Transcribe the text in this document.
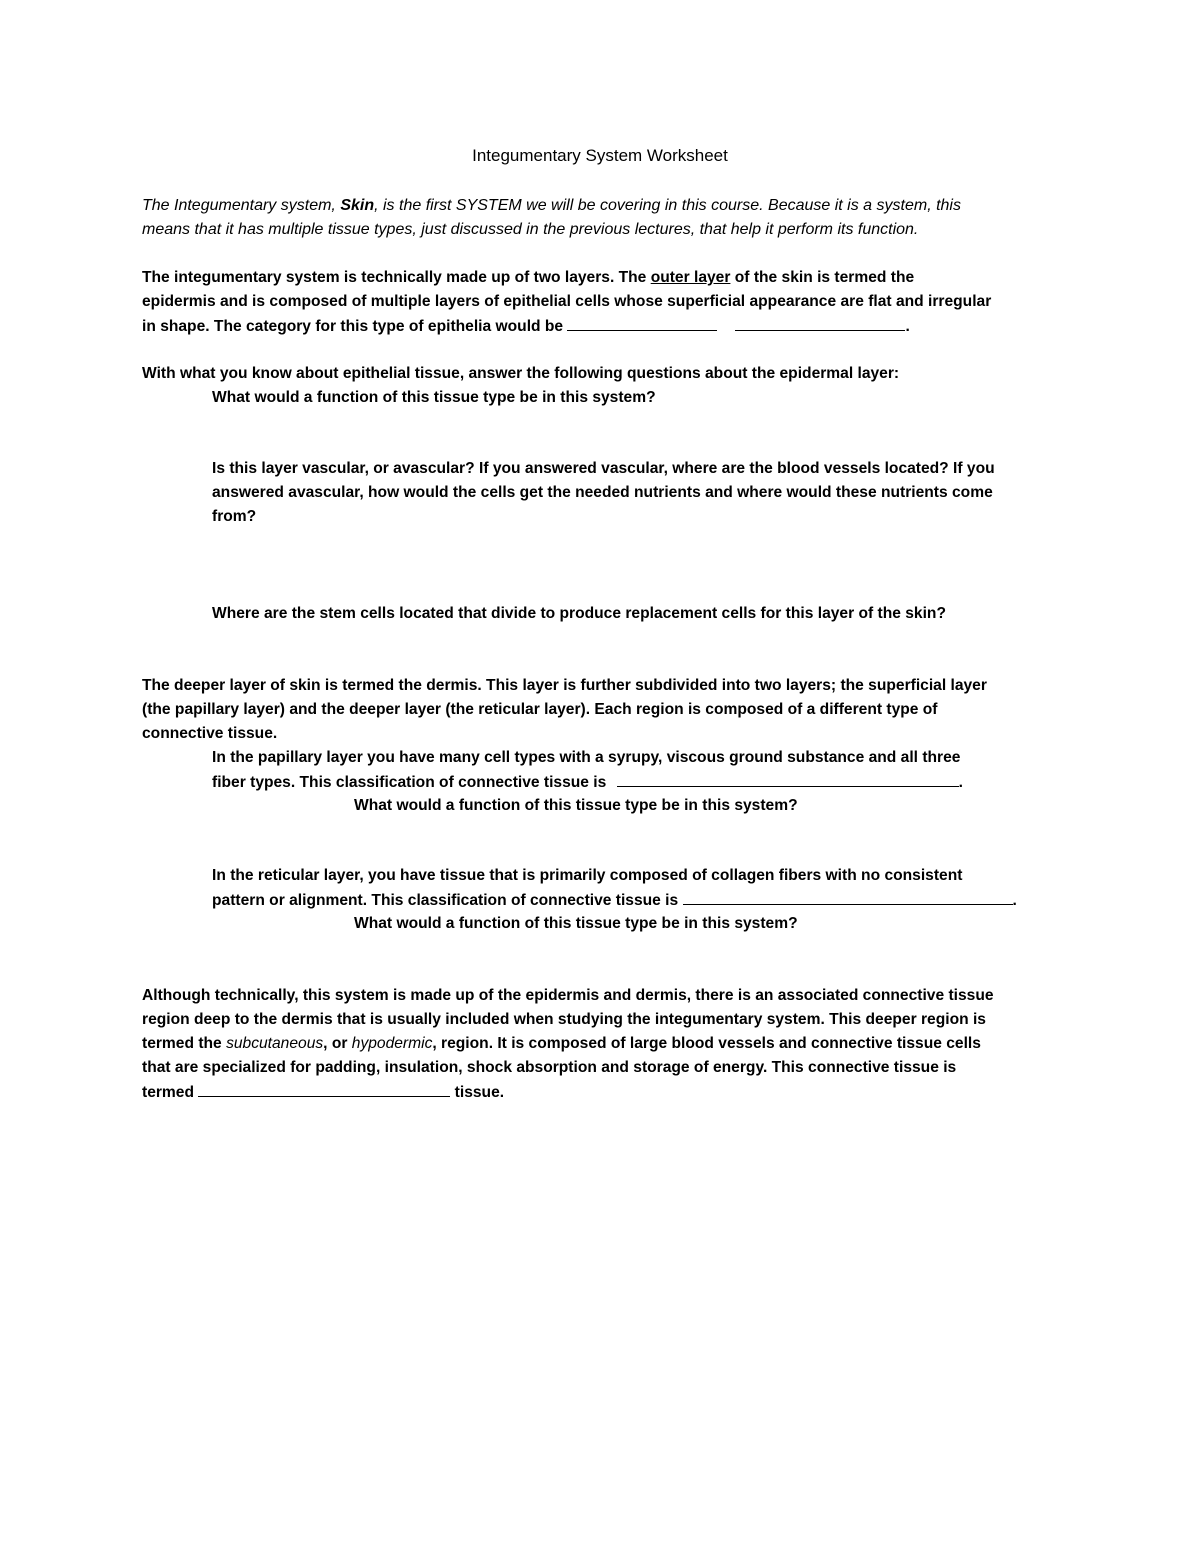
Integumentary System Worksheet
The Integumentary system, Skin, is the first SYSTEM we will be covering in this course. Because it is a system, this
means that it has multiple tissue types, just discussed in the previous lectures, that help it perform its function.
The integumentary system is technically made up of two layers. The outer layer of the skin is termed the
epidermis and is composed of multiple layers of epithelial cells whose superficial appearance are flat and irregular
in shape. The category for this type of epithelia would be	.
With what you know about epithelial tissue, answer the following questions about the epidermal layer:
What would a function of this tissue type be in this system?
Is this layer vascular, or avascular? If you answered vascular, where are the blood vessels located? If you
answered avascular, how would the cells get the needed nutrients and where would these nutrients come
from?
Where are the stem cells located that divide to produce replacement cells for this layer of the skin?
The deeper layer of skin is termed the dermis. This layer is further subdivided into two layers; the superficial layer
(the papillary layer) and the deeper layer (the reticular layer). Each region is composed of a different type of
connective tissue.
In the papillary layer you have many cell types with a syrupy, viscous ground substance and all three
fiber types. This classification of connective tissue is	.
What would a function of this tissue type be in this system?
In the reticular layer, you have tissue that is primarily composed of collagen fibers with no consistent
pattern or alignment. This classification of connective tissue is	.
What would a function of this tissue type be in this system?
Although technically, this system is made up of the epidermis and dermis, there is an associated connective tissue
region deep to the dermis that is usually included when studying the integumentary system. This deeper region is
termed the subcutaneous, or hypodermic, region. It is composed of large blood vessels and connective tissue cells
that are specialized for padding, insulation, shock absorption and storage of energy. This connective tissue is
termed	tissue.
